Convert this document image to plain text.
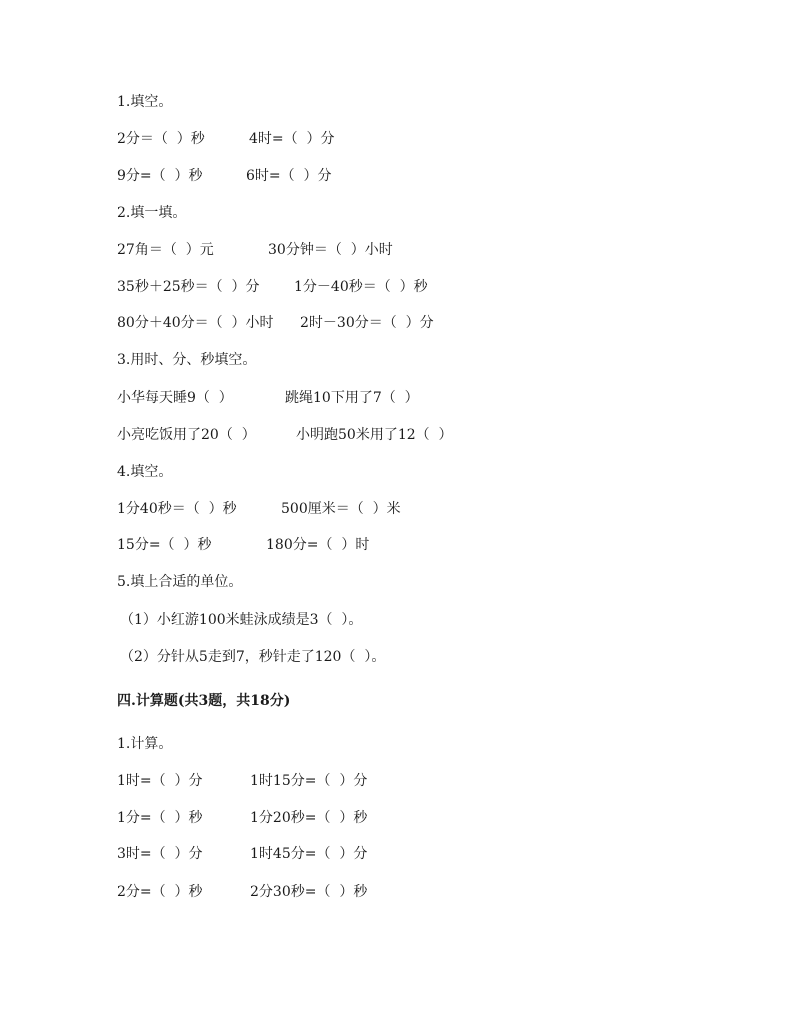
1.填空。
2分＝（  ）秒	4时=（  ）分
9分=（  ）秒	6时=（  ）分
2.填一填。
27角＝（  ）元	30分钟＝（  ）小时
35秒＋25秒＝（  ）分 1分－40秒＝（  ）秒
80分＋40分＝（  ）小时 2时－30分＝（  ）分
3.用时、分、秒填空。
小华每天睡9（  ）	跳绳10下用了7（  ）
小亮吃饭用了20（  ）	小明跑50米用了12（  ）
4.填空。
1分40秒＝（  ）秒	500厘米＝（  ）米
15分=（  ）秒	180分=（  ）时
5.填上合适的单位。
（1）小红游100米蛙泳成绩是3（  ）。
（2）分针从5走到7，秒针走了120（  ）。
四.计算题(共3题，共18分)
1.计算。
1时=（  ）分	1时15分=（  ）分
1分=（  ）秒	1分20秒=（  ）秒
3时=（  ）分	1时45分=（  ）分
2分=（  ）秒	2分30秒=（  ）秒
